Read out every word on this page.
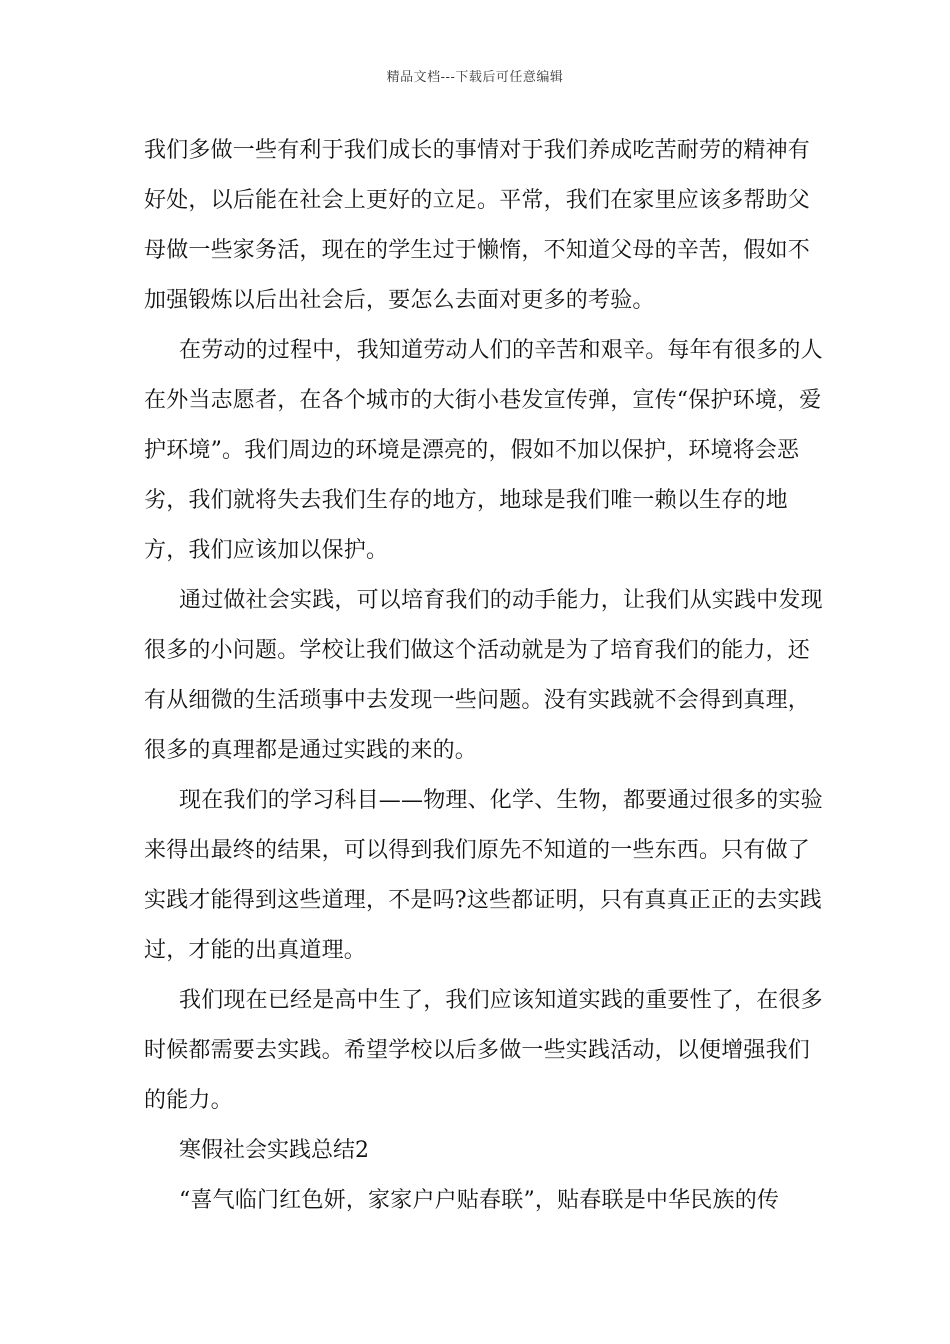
精品文档---下载后可任意编辑

我们多做一些有利于我们成长的事情对于我们养成吃苦耐劳的精神有好处，以后能在社会上更好的立足。平常，我们在家里应该多帮助父母做一些家务活，现在的学生过于懒惰，不知道父母的辛苦，假如不加强锻炼以后出社会后，要怎么去面对更多的考验。

在劳动的过程中，我知道劳动人们的辛苦和艰辛。每年有很多的人在外当志愿者，在各个城市的大街小巷发宣传弹，宣传“保护环境，爱护环境”。我们周边的环境是漂亮的，假如不加以保护，环境将会恶劣，我们就将失去我们生存的地方，地球是我们唯一赖以生存的地方，我们应该加以保护。

通过做社会实践，可以培育我们的动手能力，让我们从实践中发现很多的小问题。学校让我们做这个活动就是为了培育我们的能力，还有从细微的生活琐事中去发现一些问题。没有实践就不会得到真理，很多的真理都是通过实践的来的。

现在我们的学习科目——物理、化学、生物，都要通过很多的实验来得出最终的结果，可以得到我们原先不知道的一些东西。只有做了实践才能得到这些道理，不是吗?这些都证明，只有真真正正的去实践过，才能的出真道理。

我们现在已经是高中生了，我们应该知道实践的重要性了，在很多时候都需要去实践。希望学校以后多做一些实践活动，以便增强我们的能力。

寒假社会实践总结2

“喜气临门红色妍，家家户户贴春联”，贴春联是中华民族的传
